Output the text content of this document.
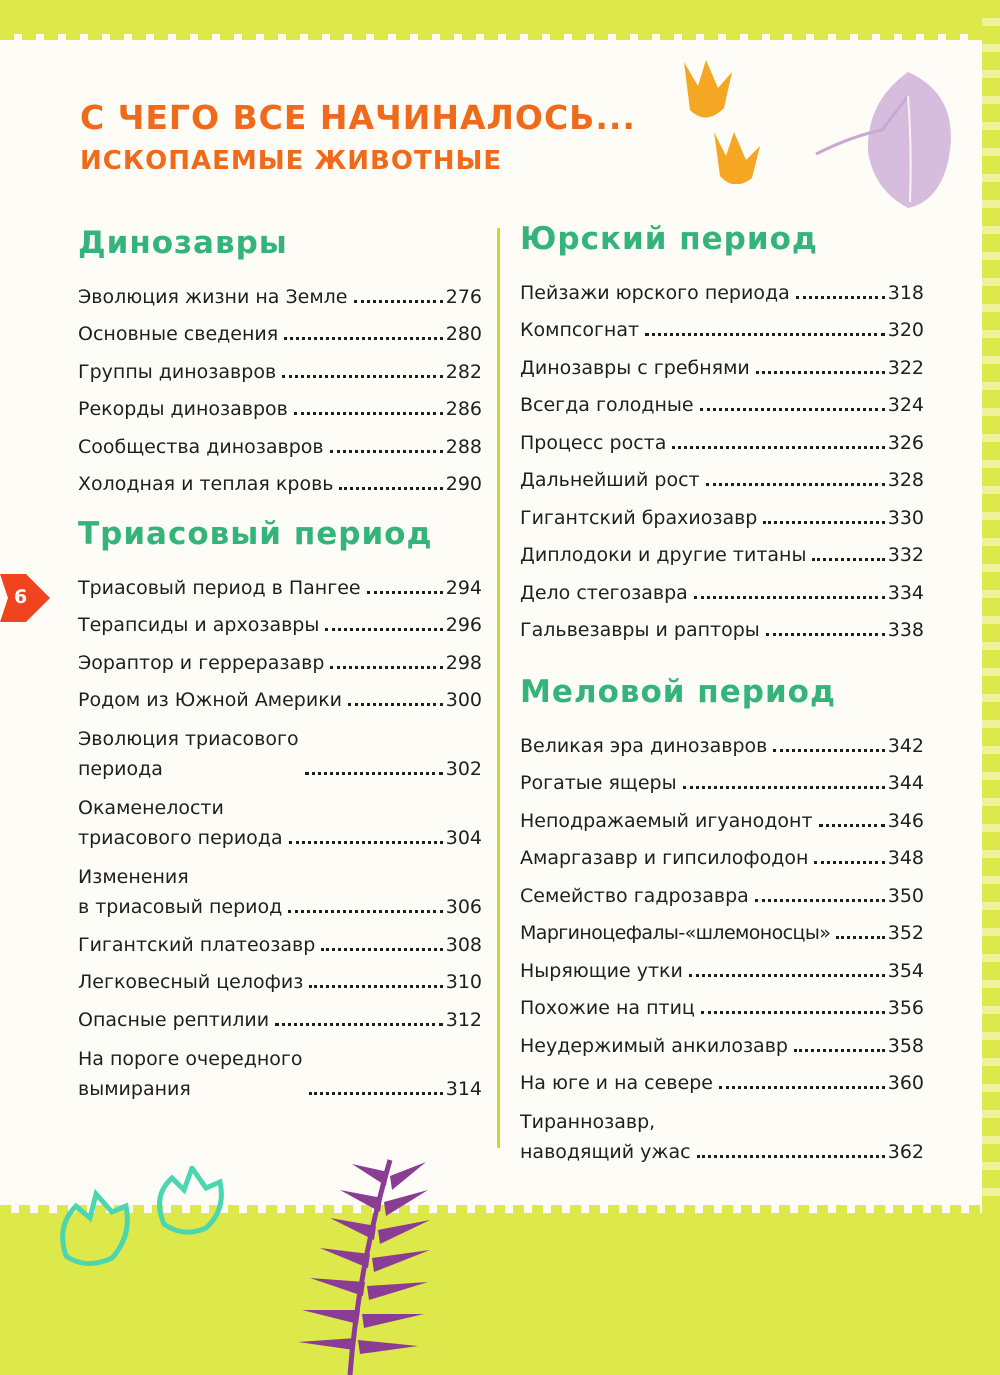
С ЧЕГО ВСЕ НАЧИНАЛОСЬ...
ИСКОПАЕМЫЕ ЖИВОТНЫЕ
6
Динозавры
Эволюция жизни на Земле	276
Основные сведения	280
Группы динозавров	282
Рекорды динозавров	286
Сообщества динозавров	288
Холодная и теплая кровь	290
Триасовый период
Триасовый период в Пангее	294
Терапсиды и архозавры	296
Эораптор и герреразавр	298
Родом из Южной Америки	300
Эволюция триасового
периода	302
Окаменелости
триасового периода	304
Изменения
в триасовый период	306
Гигантский платеозавр	308
Легковесный целофиз	310
Опасные рептилии	312
На пороге очередного
вымирания	314
Юрский период
Пейзажи юрского периода	318
Компсогнат	320
Динозавры с гребнями	322
Всегда голодные	324
Процесс роста	326
Дальнейший рост	328
Гигантский брахиозавр	330
Диплодоки и другие титаны	332
Дело стегозавра	334
Гальвезавры и рапторы	338
Меловой период
Великая эра динозавров	342
Рогатые ящеры	344
Неподражаемый игуанодонт	346
Амаргазавр и гипсилофодон	348
Семейство гадрозавра	350
Маргиноцефалы-«шлемоносцы»	352
Ныряющие утки	354
Похожие на птиц	356
Неудержимый анкилозавр	358
На юге и на севере	360
Тираннозавр,
наводящий ужас	362
